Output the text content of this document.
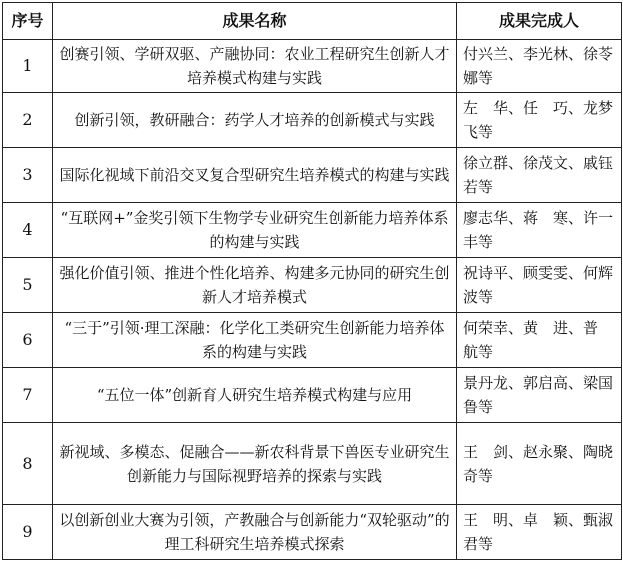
序号	成果名称	成果完成人
1	创赛引领、学研双驱、产融协同：农业工程研究生创新人才培养模式构建与实践	付兴兰、李光林、徐苓娜等
2	创新引领，教研融合：药学人才培养的创新模式与实践	左　华、任　巧、龙梦飞等
3	国际化视域下前沿交叉复合型研究生培养模式的构建与实践	徐立群、徐茂文、戚钰若等
4	“互联网+”金奖引领下生物学专业研究生创新能力培养体系的构建与实践	廖志华、蒋　寒、许一丰等
5	强化价值引领、推进个性化培养、构建多元协同的研究生创新人才培养模式	祝诗平、顾雯雯、何辉波等
6	“三于”引领·理工深融：化学化工类研究生创新能力培养体系的构建与实践	何荣幸、黄　进、普　航等
7	“五位一体”创新育人研究生培养模式构建与应用	景丹龙、郭启高、梁国鲁等
8	新视域、多模态、促融合——新农科背景下兽医专业研究生创新能力与国际视野培养的探索与实践	王　剑、赵永聚、陶晓奇等
9	以创新创业大赛为引领，产教融合与创新能力“双轮驱动”的理工科研究生培养模式探索	王　明、卓　颖、甄淑君等
